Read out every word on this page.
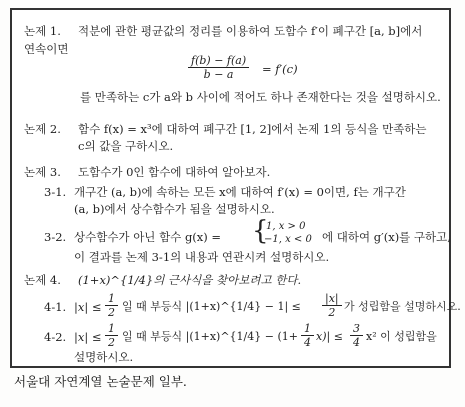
논제 1. 적분에 관한 평균값의 정리를 이용하여 도함수 f′이 폐구간 [a, b]에서
연속이면
$\frac{f(b) - f(a)}{b - a} = f'(c)$
를 만족하는 c가 a와 b 사이에 적어도 하나 존재한다는 것을 설명하시오.
논제 2. 함수 f(x) = x³에 대하여 폐구간 [1, 2]에서 논제 1의 등식을 만족하는
c의 값을 구하시오.
논제 3. 도함수가 0인 함수에 대하여 알아보자.
3-1. 개구간 (a, b)에 속하는 모든 x에 대하여 f′(x) = 0이면, f는 개구간
(a, b)에서 상수함수가 됨을 설명하시오.
3-2. 상수함수가 아닌 함수 g(x) = {
1, x > 0
−1, x < 0 에 대하여 g′(x)를 구하고,
이 결과를 논제 3-1의 내용과 연관시켜 설명하시오.
논제 4. (1+x)^{1/4}의 근사식을 찾아보려고 한다.
4-1. $|x| \le \frac{1}{2}$ 일 때 부등식 |(1+x)^{1/4} − $1| \le \frac{|x|}{2}$ 가 성립함을 설명하시오.
4-2. $|x| \le \frac{1}{2}$ 일 때 부등식 |(1+x)^{1/4} − $(1+ \frac{1}{4} x)| \le \frac{3}{4} x^2$ 이 성립함을
설명하시오.
서울대 자연계열 논술문제 일부.
